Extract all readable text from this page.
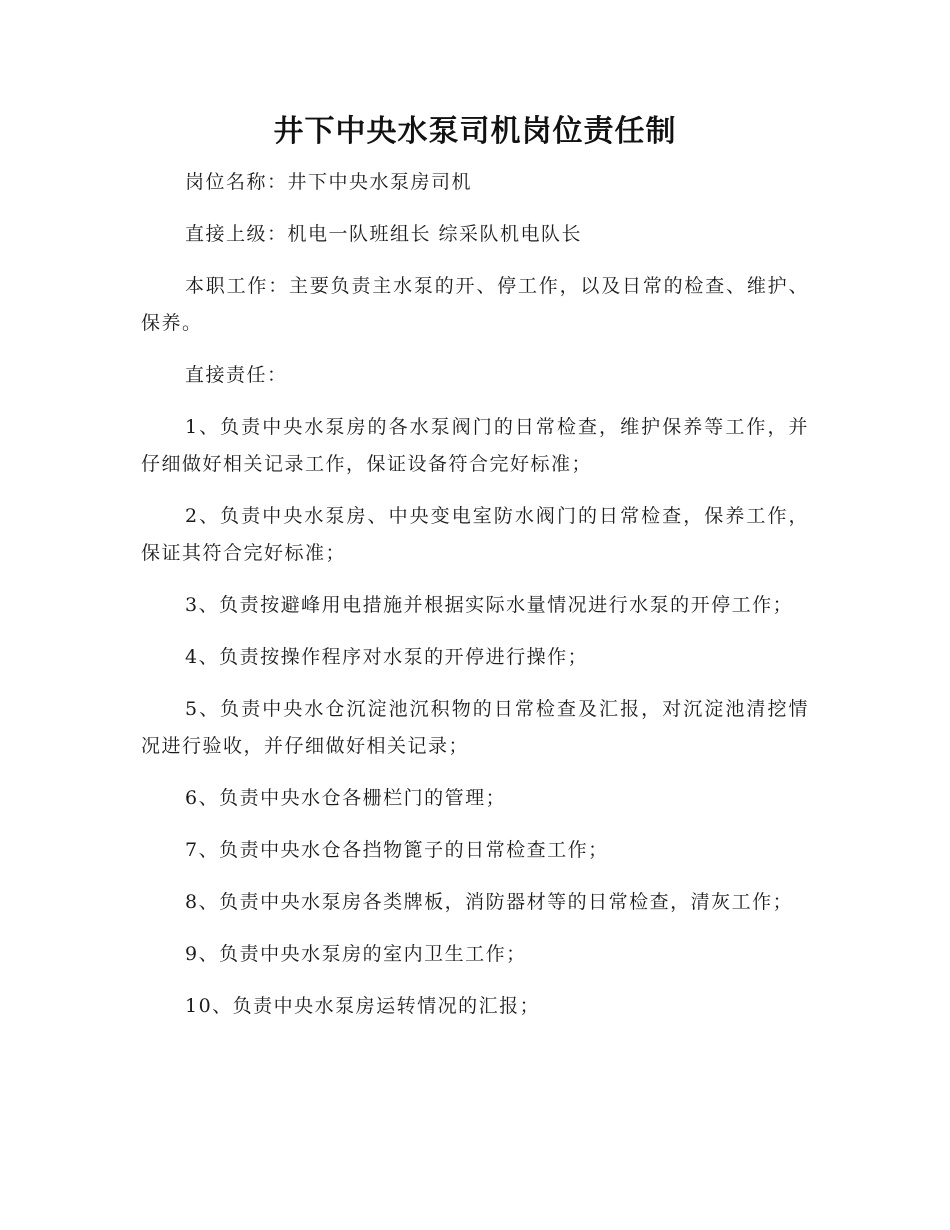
井下中央水泵司机岗位责任制

岗位名称：井下中央水泵房司机

直接上级：机电一队班组长 综采队机电队长

本职工作：主要负责主水泵的开、停工作，以及日常的检查、维护、保养。

直接责任：

1、负责中央水泵房的各水泵阀门的日常检查，维护保养等工作，并仔细做好相关记录工作，保证设备符合完好标准；

2、负责中央水泵房、中央变电室防水阀门的日常检查，保养工作，保证其符合完好标准；

3、负责按避峰用电措施并根据实际水量情况进行水泵的开停工作；

4、负责按操作程序对水泵的开停进行操作；

5、负责中央水仓沉淀池沉积物的日常检查及汇报，对沉淀池清挖情况进行验收，并仔细做好相关记录；

6、负责中央水仓各栅栏门的管理；

7、负责中央水仓各挡物篦子的日常检查工作；

8、负责中央水泵房各类牌板，消防器材等的日常检查，清灰工作；

9、负责中央水泵房的室内卫生工作；

10、负责中央水泵房运转情况的汇报；
